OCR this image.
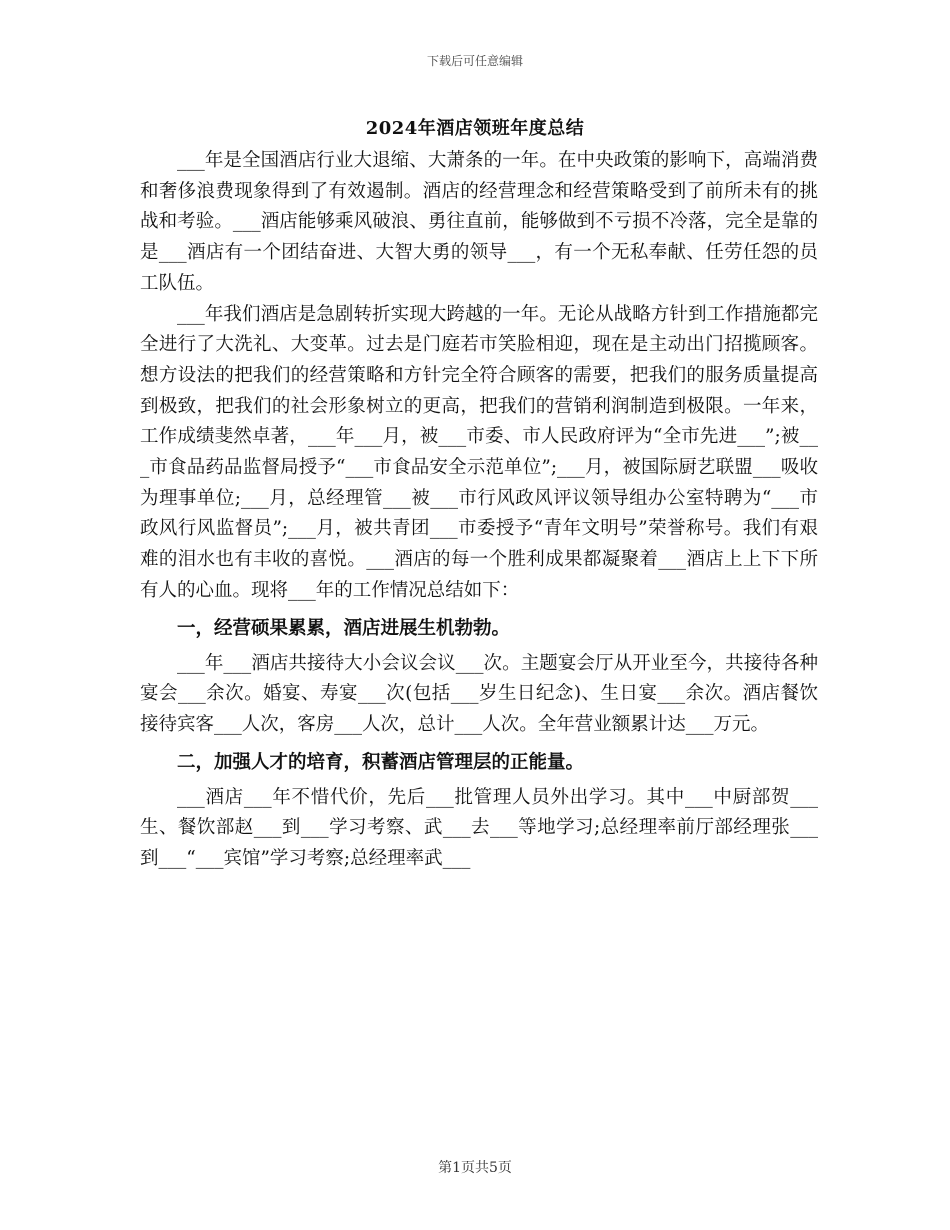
下载后可任意编辑
2024年酒店领班年度总结

___年是全国酒店行业大退缩、大萧条的一年。在中央政策的影响下，高端消费和奢侈浪费现象得到了有效遏制。酒店的经营理念和经营策略受到了前所未有的挑战和考验。___酒店能够乘风破浪、勇往直前，能够做到不亏损不冷落，完全是靠的是___酒店有一个团结奋进、大智大勇的领导___，有一个无私奉献、任劳任怨的员工队伍。

___年我们酒店是急剧转折实现大跨越的一年。无论从战略方针到工作措施都完全进行了大洗礼、大变革。过去是门庭若市笑脸相迎，现在是主动出门招揽顾客。想方设法的把我们的经营策略和方针完全符合顾客的需要，把我们的服务质量提高到极致，把我们的社会形象树立的更高，把我们的营销利润制造到极限。一年来，工作成绩斐然卓著，___年___月，被___市委、市人民政府评为“全市先进___”;被___市食品药品监督局授予“___市食品安全示范单位”;___月，被国际厨艺联盟___吸收为理事单位;___月，总经理管___被___市行风政风评议领导组办公室特聘为“___市政风行风监督员”;___月，被共青团___市委授予“青年文明号”荣誉称号。我们有艰难的泪水也有丰收的喜悦。___酒店的每一个胜利成果都凝聚着___酒店上上下下所有人的心血。现将___年的工作情况总结如下：

一，经营硕果累累，酒店进展生机勃勃。

___年___酒店共接待大小会议会议___次。主题宴会厅从开业至今，共接待各种宴会___余次。婚宴、寿宴___次(包括___岁生日纪念)、生日宴___余次。酒店餐饮接待宾客___人次，客房___人次，总计___人次。全年营业额累计达___万元。

二，加强人才的培育，积蓄酒店管理层的正能量。

___酒店___年不惜代价，先后___批管理人员外出学习。其中___中厨部贺___生、餐饮部赵___到___学习考察、武___去___等地学习;总经理率前厅部经理张___到___“___宾馆”学习考察;总经理率武___

第1页共5页
